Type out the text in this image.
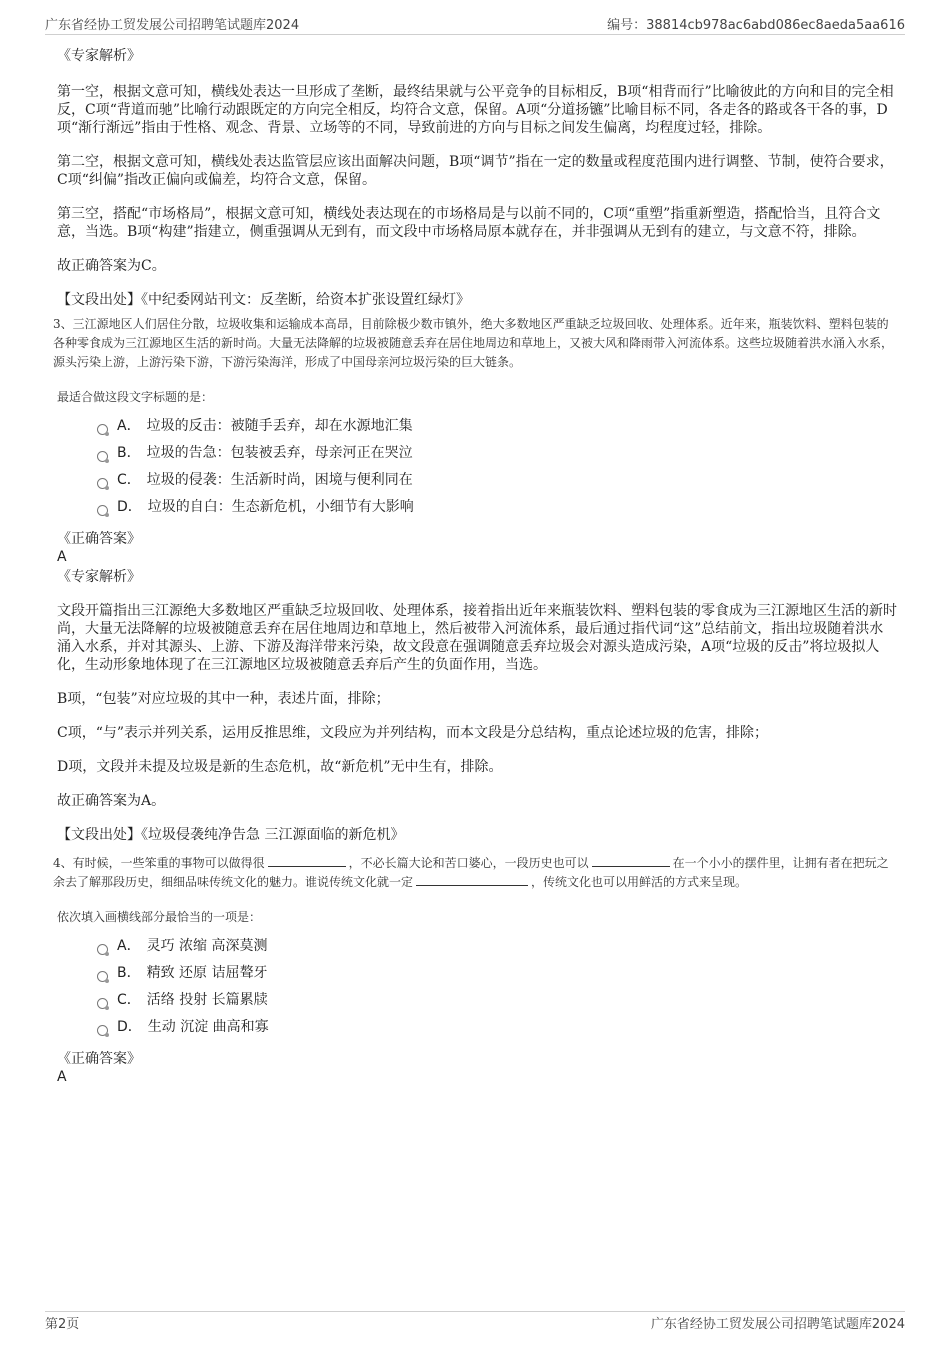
广东省经协工贸发展公司招聘笔试题库2024	编号：38814cb978ac6abd086ec8aeda5aa616

《专家解析》

第一空，根据文意可知，横线处表达一旦形成了垄断，最终结果就与公平竞争的目标相反，B项“相背而行”比喻彼此的方向和目的完全相反，C项“背道而驰”比喻行动跟既定的方向完全相反，均符合文意，保留。A项“分道扬镳”比喻目标不同，各走各的路或各干各的事，D项“渐行渐远”指由于性格、观念、背景、立场等的不同，导致前进的方向与目标之间发生偏离，均程度过轻，排除。

第二空，根据文意可知，横线处表达监管层应该出面解决问题，B项“调节”指在一定的数量或程度范围内进行调整、节制，使符合要求，C项“纠偏”指改正偏向或偏差，均符合文意，保留。

第三空，搭配“市场格局”，根据文意可知，横线处表达现在的市场格局是与以前不同的，C项“重塑”指重新塑造，搭配恰当，且符合文意，当选。B项“构建”指建立，侧重强调从无到有，而文段中市场格局原本就存在，并非强调从无到有的建立，与文意不符，排除。

故正确答案为C。

【文段出处】《中纪委网站刊文：反垄断，给资本扩张设置红绿灯》

3、三江源地区人们居住分散，垃圾收集和运输成本高昂，目前除极少数市镇外，绝大多数地区严重缺乏垃圾回收、处理体系。近年来，瓶装饮料、塑料包装的各种零食成为三江源地区生活的新时尚。大量无法降解的垃圾被随意丢弃在居住地周边和草地上，又被大风和降雨带入河流体系。这些垃圾随着洪水涌入水系，源头污染上游，上游污染下游，下游污染海洋，形成了中国母亲河垃圾污染的巨大链条。

最适合做这段文字标题的是：

A． 垃圾的反击：被随手丢弃，却在水源地汇集
B． 垃圾的告急：包装被丢弃，母亲河正在哭泣
C． 垃圾的侵袭：生活新时尚，困境与便利同在
D． 垃圾的自白：生态新危机，小细节有大影响

《正确答案》

A

《专家解析》

文段开篇指出三江源绝大多数地区严重缺乏垃圾回收、处理体系，接着指出近年来瓶装饮料、塑料包装的零食成为三江源地区生活的新时尚，大量无法降解的垃圾被随意丢弃在居住地周边和草地上，然后被带入河流体系，最后通过指代词“这”总结前文，指出垃圾随着洪水涌入水系，并对其源头、上游、下游及海洋带来污染，故文段意在强调随意丢弃垃圾会对源头造成污染，A项“垃圾的反击”将垃圾拟人化，生动形象地体现了在三江源地区垃圾被随意丢弃后产生的负面作用，当选。

B项，“包装”对应垃圾的其中一种，表述片面，排除；

C项，“与”表示并列关系，运用反推思维，文段应为并列结构，而本文段是分总结构，重点论述垃圾的危害，排除；

D项，文段并未提及垃圾是新的生态危机，故“新危机”无中生有，排除。

故正确答案为A。

【文段出处】《垃圾侵袭纯净告急 三江源面临的新危机》

4、有时候，一些笨重的事物可以做得很	，不必长篇大论和苦口婆心，一段历史也可以	在一个小小的摆件里，让拥有者在把玩之余去了解那段历史，细细品味传统文化的魅力。谁说传统文化就一定	，传统文化也可以用鲜活的方式来呈现。

依次填入画横线部分最恰当的一项是：

A． 灵巧 浓缩 高深莫测
B． 精致 还原 诘屈聱牙
C． 活络 投射 长篇累牍
D． 生动 沉淀 曲高和寡

《正确答案》

A

第2页	广东省经协工贸发展公司招聘笔试题库2024
